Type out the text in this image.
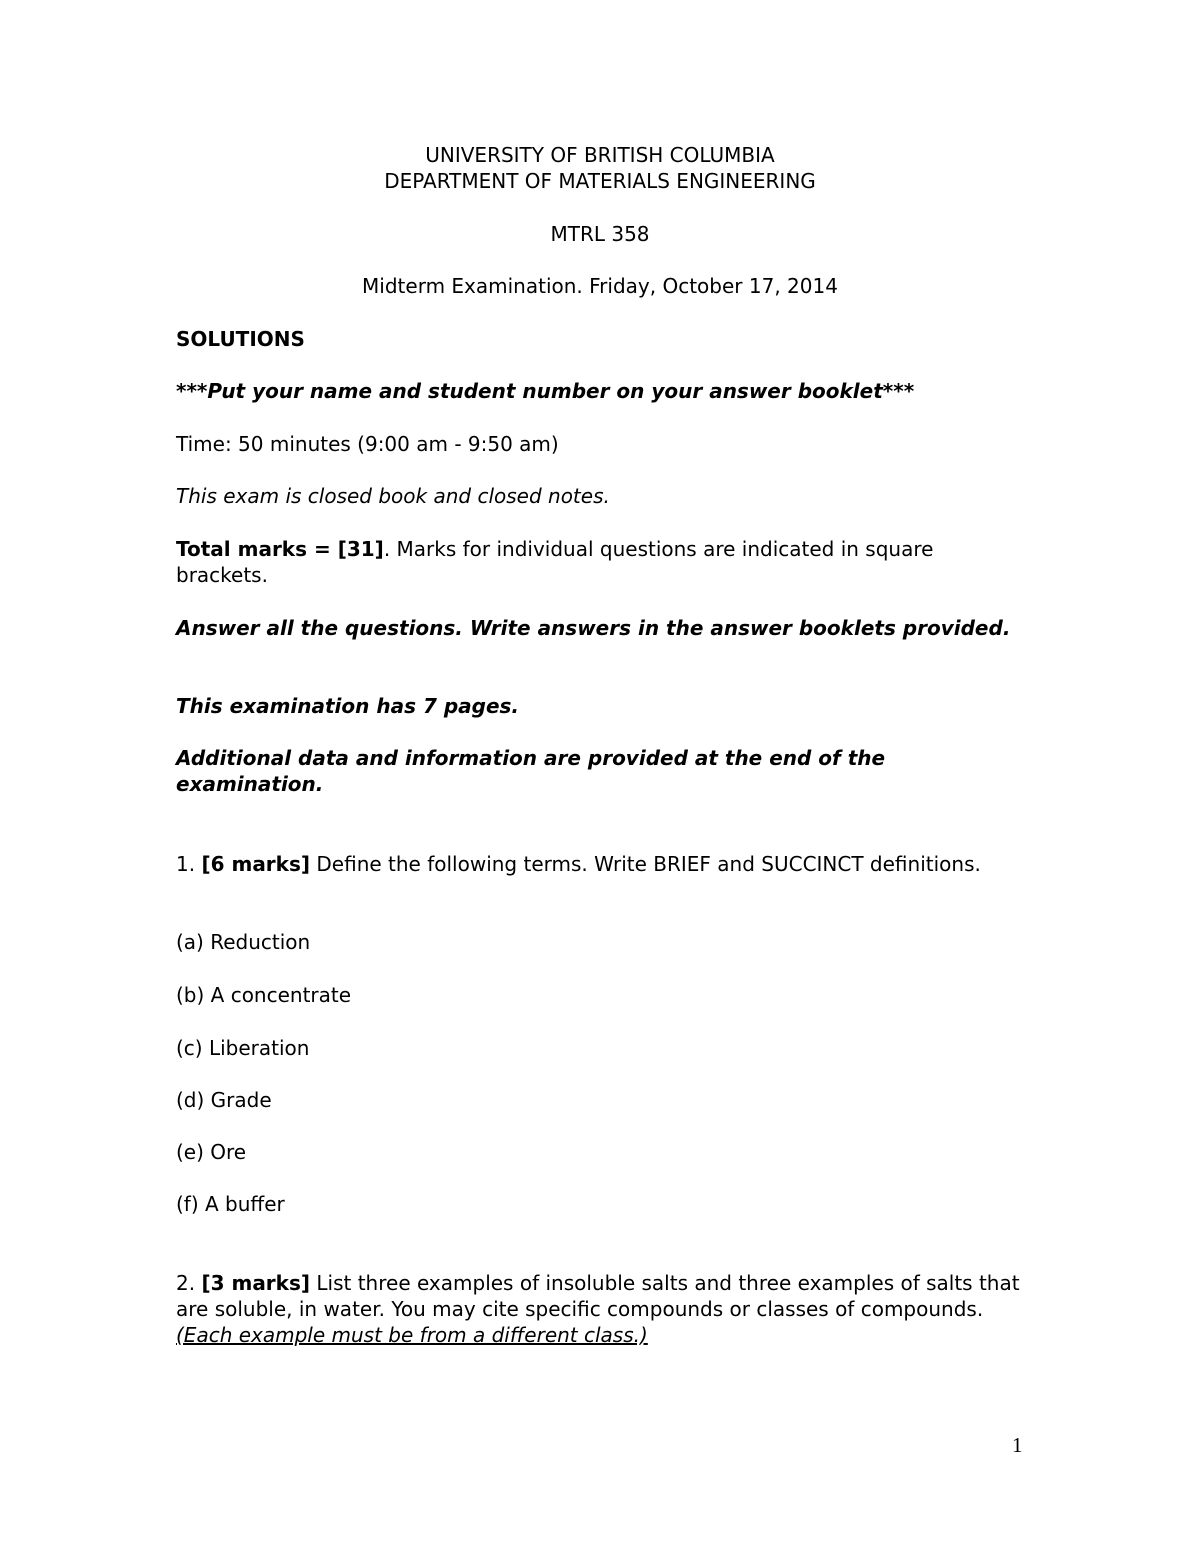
UNIVERSITY OF BRITISH COLUMBIA
DEPARTMENT OF MATERIALS ENGINEERING
MTRL 358
Midterm Examination. Friday, October 17, 2014
SOLUTIONS
***Put your name and student number on your answer booklet***
Time: 50 minutes (9:00 am - 9:50 am)
This exam is closed book and closed notes.
Total marks = [31]. Marks for individual questions are indicated in square brackets.
Answer all the questions. Write answers in the answer booklets provided.
This examination has 7 pages.
Additional data and information are provided at the end of the examination.
1. [6 marks] Define the following terms. Write BRIEF and SUCCINCT definitions.
(a) Reduction
(b) A concentrate
(c) Liberation
(d) Grade
(e) Ore
(f) A buffer
2. [3 marks] List three examples of insoluble salts and three examples of salts that are soluble, in water. You may cite specific compounds or classes of compounds. (Each example must be from a different class.)
1
